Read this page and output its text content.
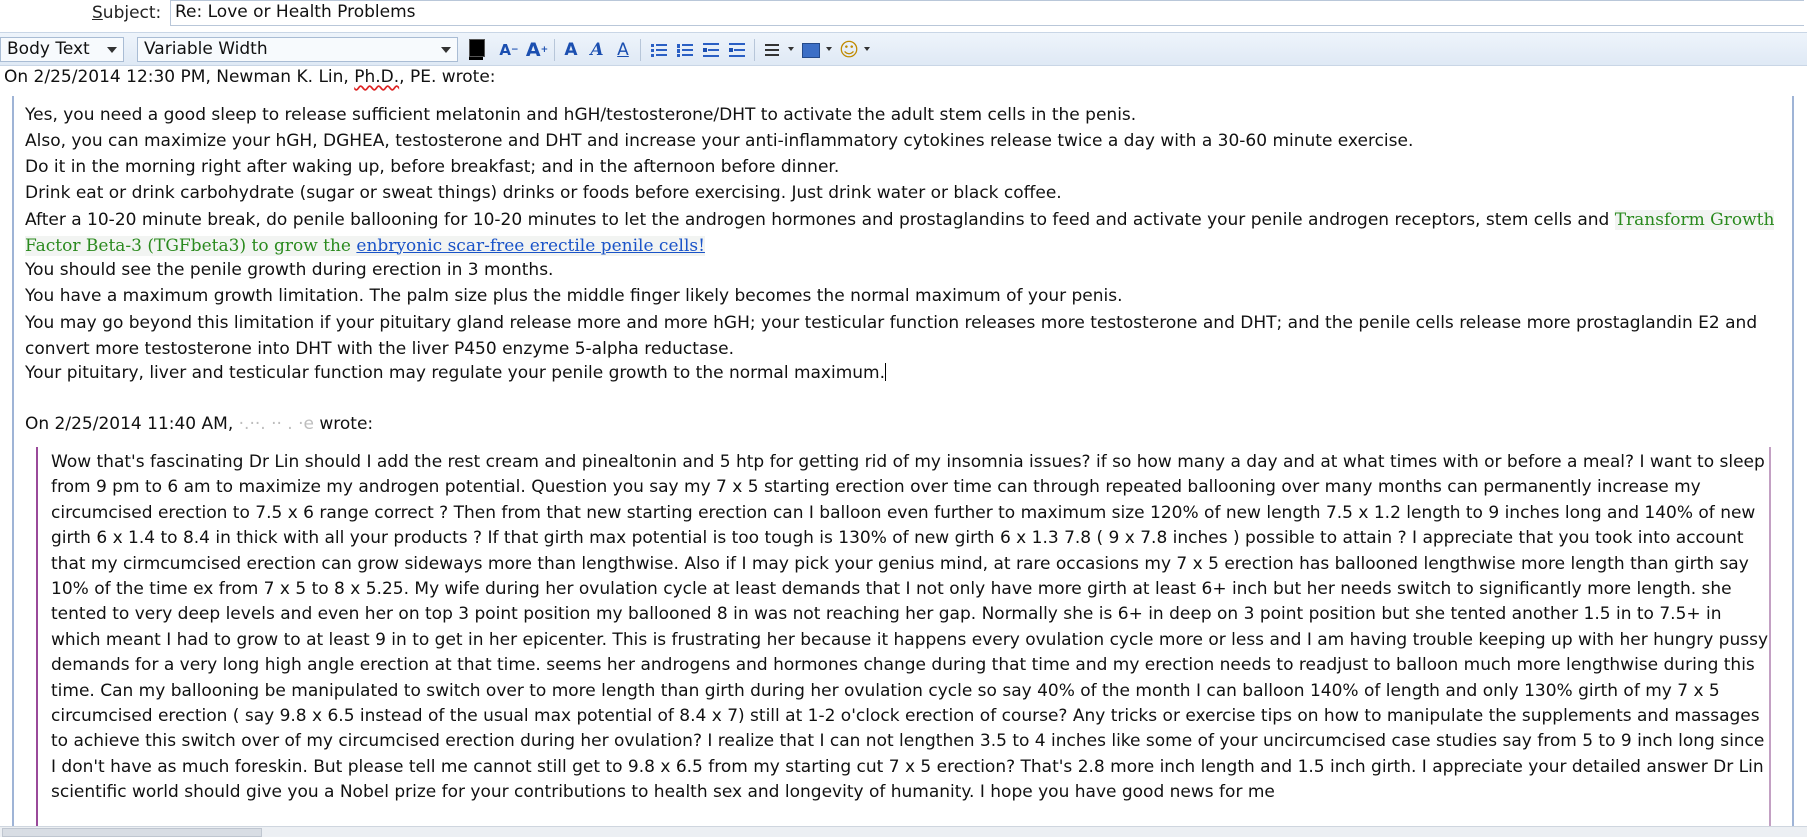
Subject: Re: Love or Health Problems
Body Text	Variable Width	A − A + A A A	☺
On 2/25/2014 12:30 PM, Newman K. Lin, Ph.D., PE. wrote:
Yes, you need a good sleep to release sufficient melatonin and hGH/testosterone/DHT to activate the adult stem cells in the penis.
Also, you can maximize your hGH, DGHEA, testosterone and DHT and increase your anti-inflammatory cytokines release twice a day with a 30-60 minute exercise.
Do it in the morning right after waking up, before breakfast; and in the afternoon before dinner.
Drink eat or drink carbohydrate (sugar or sweat things) drinks or foods before exercising. Just drink water or black coffee.
After a 10-20 minute break, do penile ballooning for 10-20 minutes to let the androgen hormones and prostaglandins to feed and activate your penile androgen receptors, stem cells and Transform Growth Factor Beta-3 (TGFbeta3) to grow the enbryonic scar-free erectile penile cells!
You should see the penile growth during erection in 3 months.
You have a maximum growth limitation. The palm size plus the middle finger likely becomes the normal maximum of your penis.
You may go beyond this limitation if your pituitary gland release more and more hGH; your testicular function releases more testosterone and DHT; and the penile cells release more prostaglandin E2 and convert more testosterone into DHT with the liver P450 enzyme 5-alpha reductase.
Your pituitary, liver and testicular function may regulate your penile growth to the normal maximum.
On 2/25/2014 11:40 AM, ·.··. ·· . ·e wrote:

Wow that's fascinating Dr Lin should I add the rest cream and pinealtonin and 5 htp for getting rid of my insomnia issues? if so how many a day and at what times with or before a meal? I want to sleep from 9 pm to 6 am to maximize my androgen potential. Question you say my 7 x 5 starting erection over time can through repeated ballooning over many months can permanently increase my circumcised erection to 7.5 x 6 range correct ? Then from that new starting erection can I balloon even further to maximum size 120% of new length 7.5 x 1.2 length to 9 inches long and 140% of new girth 6 x 1.4 to 8.4 in thick with all your products ? If that girth max potential is too tough is 130% of new girth 6 x 1.3 7.8 ( 9 x 7.8 inches ) possible to attain ? I appreciate that you took into account that my cirmcumcised erection can grow sideways more than lengthwise. Also if I may pick your genius mind, at rare occasions my 7 x 5 erection has ballooned lengthwise more length than girth say 10% of the time ex from 7 x 5 to 8 x 5.25. My wife during her ovulation cycle at least demands that I not only have more girth at least 6+ inch but her needs switch to significantly more length. she tented to very deep levels and even her on top 3 point position my ballooned 8 in was not reaching her gap. Normally she is 6+ in deep on 3 point position but she tented another 1.5 in to 7.5+ in which meant I had to grow to at least 9 in to get in her epicenter. This is frustrating her because it happens every ovulation cycle more or less and I am having trouble keeping up with her hungry pussy demands for a very long high angle erection at that time. seems her androgens and hormones change during that time and my erection needs to readjust to balloon much more lengthwise during this time. Can my ballooning be manipulated to switch over to more length than girth during her ovulation cycle so say 40% of the month I can balloon 140% of length and only 130% girth of my 7 x 5 circumcised erection ( say 9.8 x 6.5 instead of the usual max potential of 8.4 x 7) still at 1-2 o'clock erection of course? Any tricks or exercise tips on how to manipulate the supplements and massages to achieve this switch over of my circumcised erection during her ovulation? I realize that I can not lengthen 3.5 to 4 inches like some of your uncircumcised case studies say from 5 to 9 inch long since I don't have as much foreskin. But please tell me cannot still get to 9.8 x 6.5 from my starting cut 7 x 5 erection? That's 2.8 more inch length and 1.5 inch girth. I appreciate your detailed answer Dr Lin scientific world should give you a Nobel prize for your contributions to health sex and longevity of humanity. I hope you have good news for me
